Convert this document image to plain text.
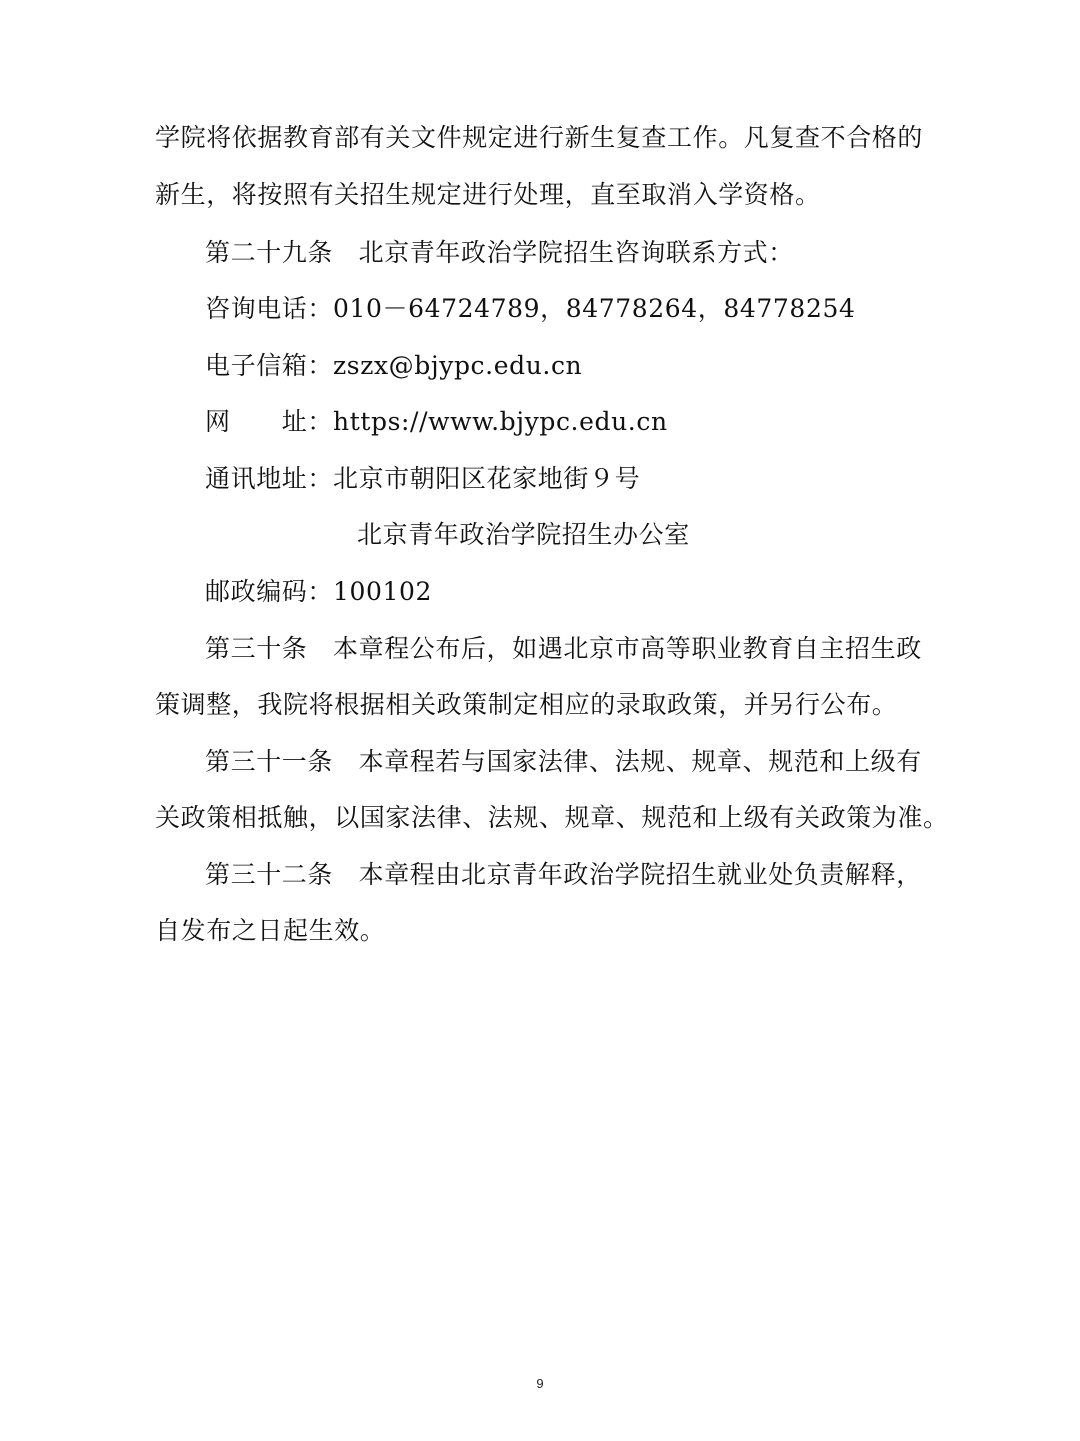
学院将依据教育部有关文件规定进行新生复查工作。凡复查不合格的
新生，将按照有关招生规定进行处理，直至取消入学资格。
第二十九条　北京青年政治学院招生咨询联系方式：
咨询电话：010－64724789，84778264，84778254
电子信箱：zszx@bjypc.edu.cn
网　　址：https://www.bjypc.edu.cn
通讯地址：北京市朝阳区花家地街９号
北京青年政治学院招生办公室
邮政编码：100102
第三十条　本章程公布后，如遇北京市高等职业教育自主招生政
策调整，我院将根据相关政策制定相应的录取政策，并另行公布。
第三十一条　本章程若与国家法律、法规、规章、规范和上级有
关政策相抵触，以国家法律、法规、规章、规范和上级有关政策为准。
第三十二条　本章程由北京青年政治学院招生就业处负责解释，
自发布之日起生效。
9
